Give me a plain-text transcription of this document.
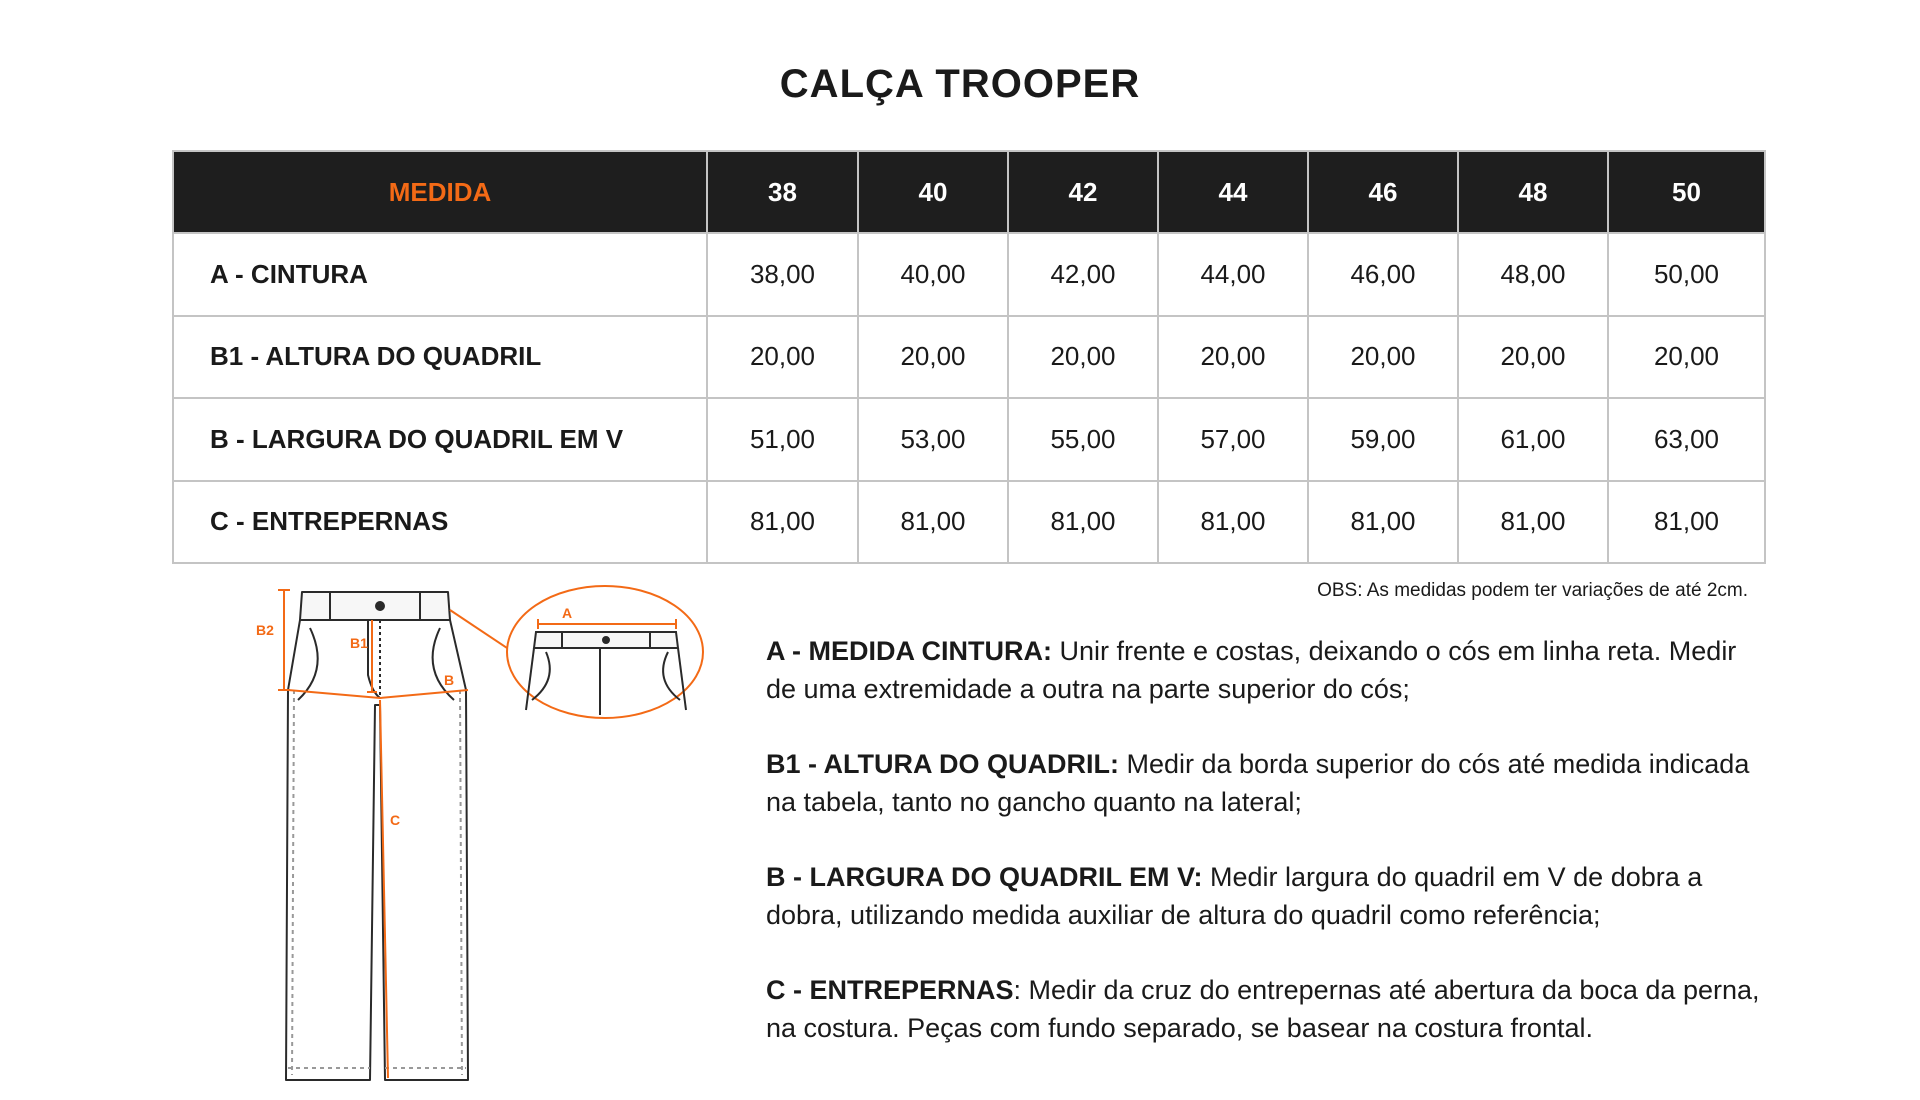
CALÇA TROOPER
MEDIDA	38	40	42	44	46	48	50
A - CINTURA	38,00	40,00	42,00	44,00	46,00	48,00	50,00
B1 - ALTURA DO QUADRIL	20,00	20,00	20,00	20,00	20,00	20,00	20,00
B - LARGURA DO QUADRIL EM V	51,00	53,00	55,00	57,00	59,00	61,00	63,00
C - ENTREPERNAS	81,00	81,00	81,00	81,00	81,00	81,00	81,00
OBS: As medidas podem ter variações de até 2cm.
B2
B1
B
C
A

A - MEDIDA CINTURA: Unir frente e costas, deixando o cós em linha reta. Medir de uma extremidade a outra na parte superior do cós;

B1 - ALTURA DO QUADRIL: Medir da borda superior do cós até medida indicada na tabela, tanto no gancho quanto na lateral;

B - LARGURA DO QUADRIL EM V: Medir largura do quadril em V de dobra a dobra, utilizando medida auxiliar de altura do quadril como referência;

C - ENTREPERNAS: Medir da cruz do entrepernas até abertura da boca da perna, na costura. Peças com fundo separado, se basear na costura frontal.
